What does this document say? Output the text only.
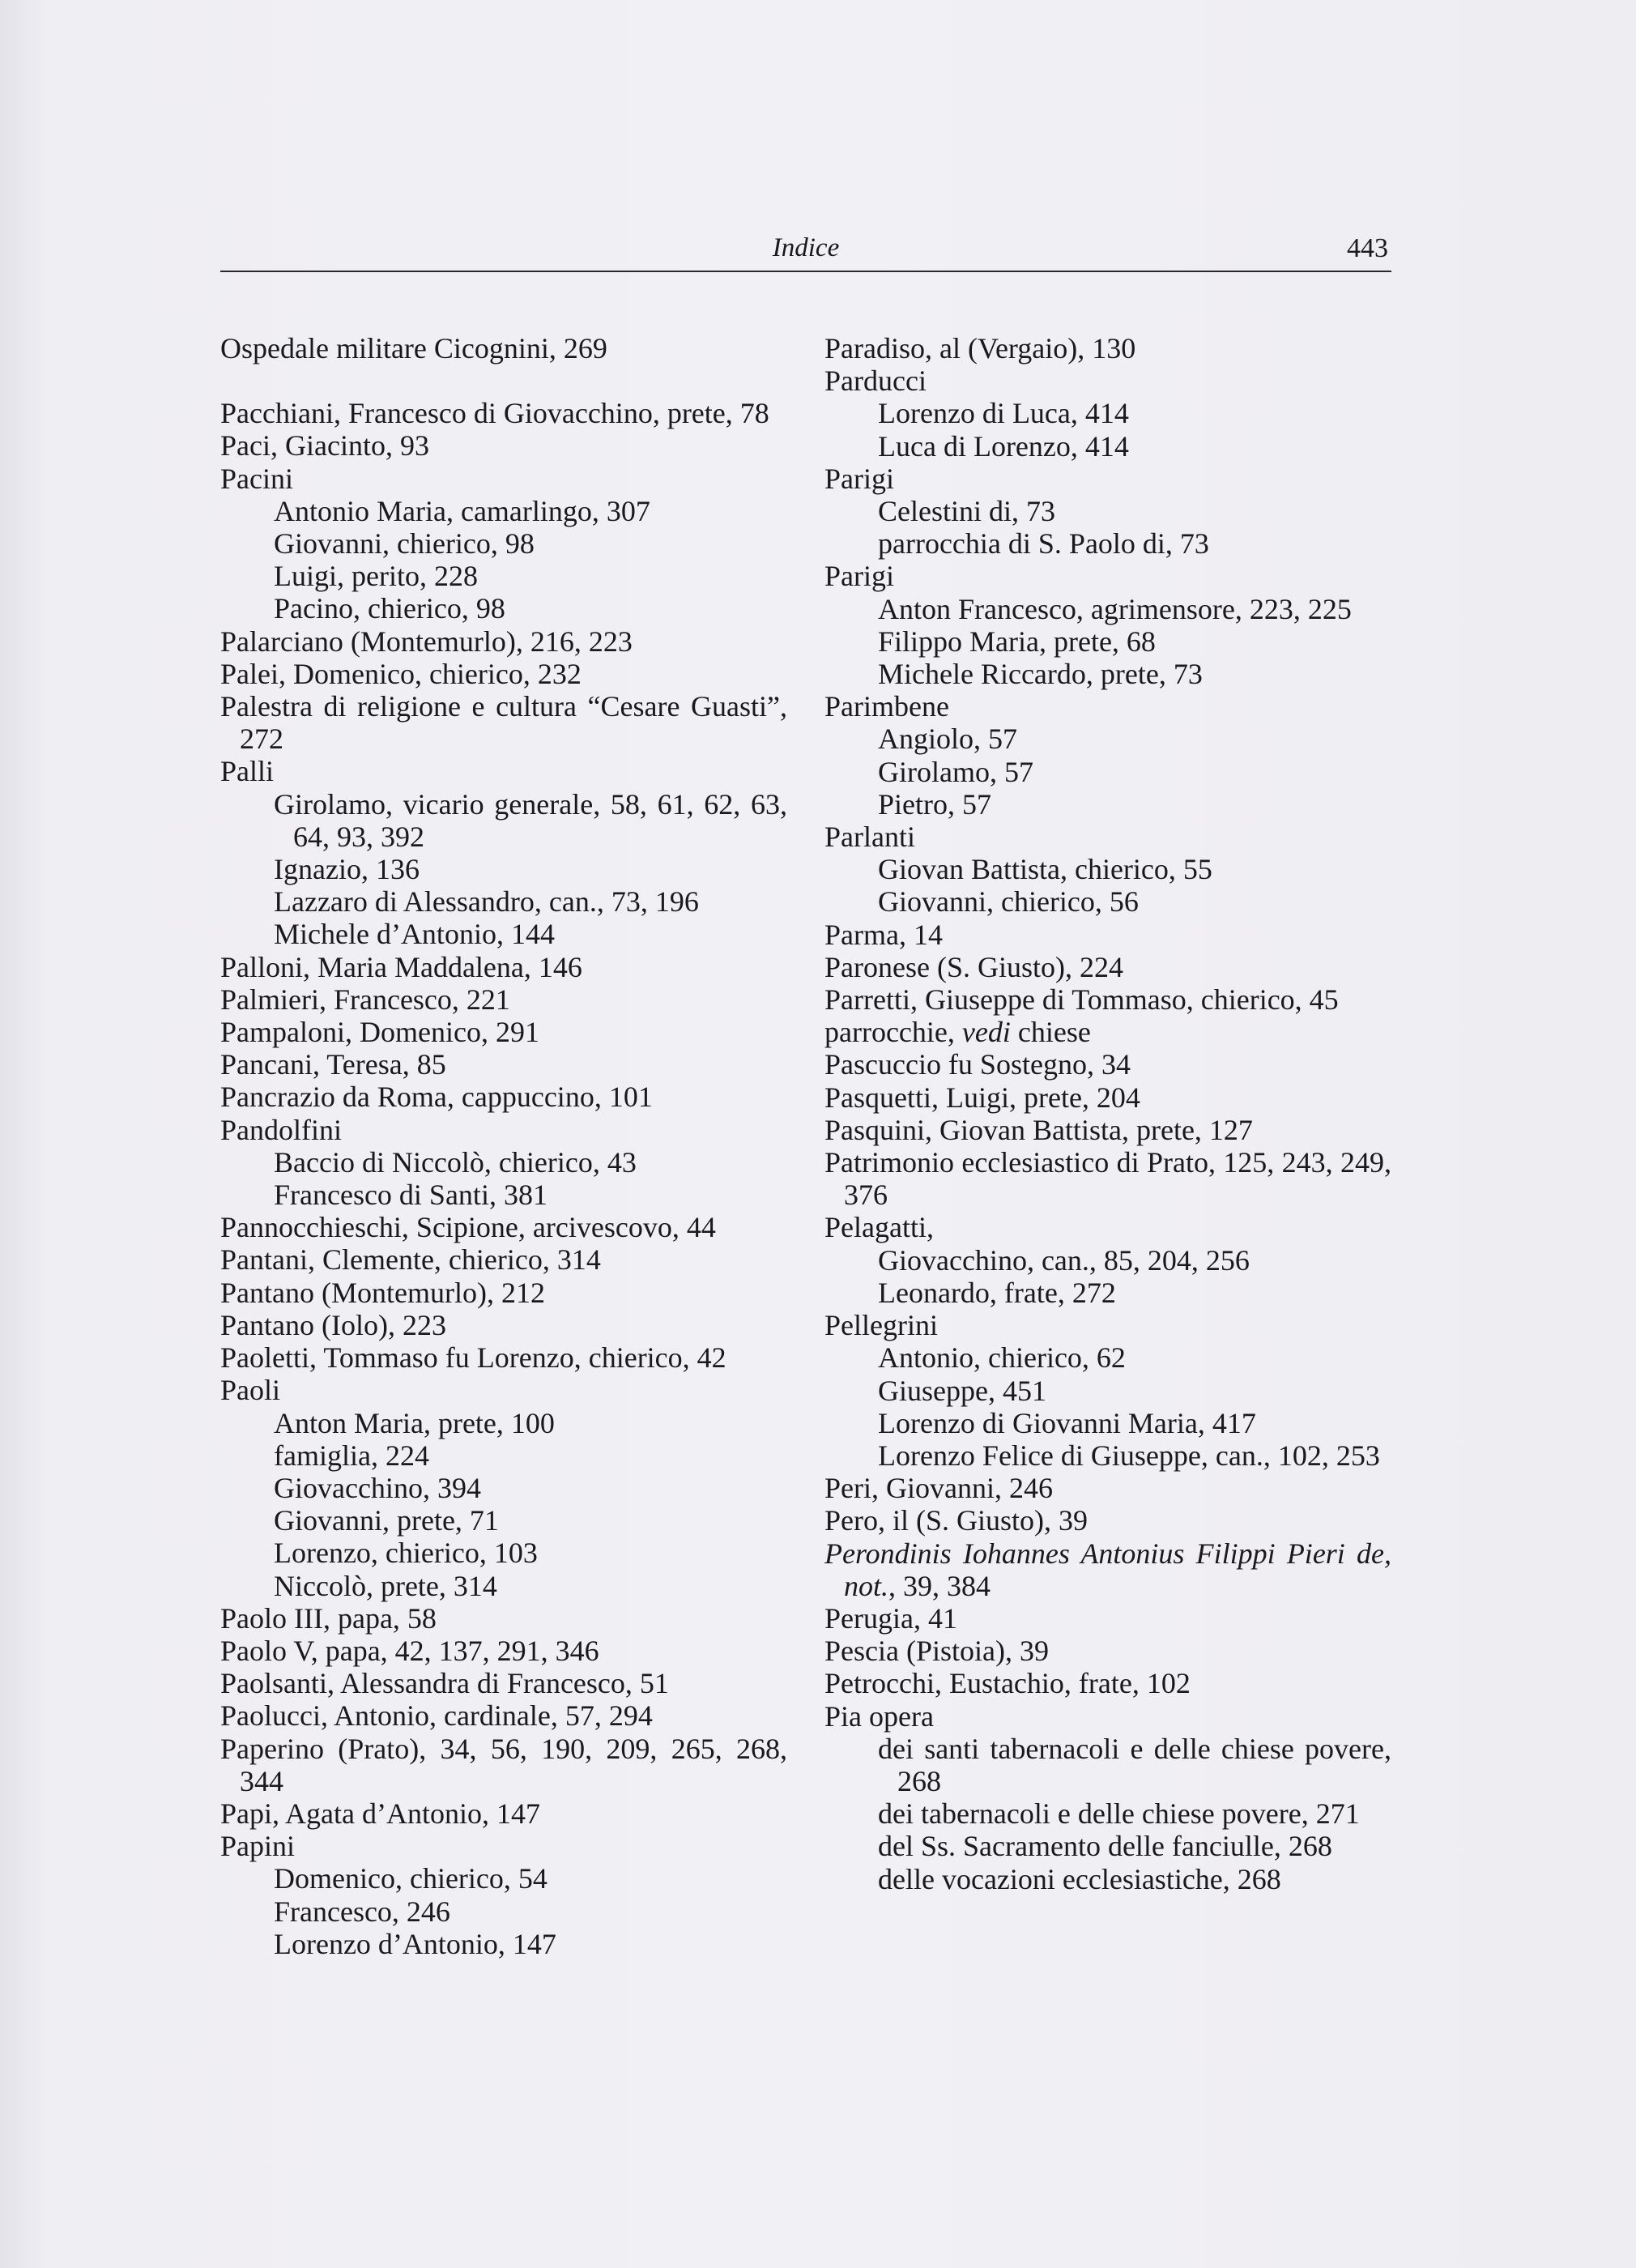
Indice	443
Ospedale militare Cicognini, 269
Pacchiani, Francesco di Giovacchino, prete, 78
Paci, Giacinto, 93
Pacini
Antonio Maria, camarlingo, 307
Giovanni, chierico, 98
Luigi, perito, 228
Pacino, chierico, 98
Palarciano (Montemurlo), 216, 223
Palei, Domenico, chierico, 232
Palestra di religione e cultura “Cesare Guasti”, 272
Palli
Girolamo, vicario generale, 58, 61, 62, 63, 64, 93, 392
Ignazio, 136
Lazzaro di Alessandro, can., 73, 196
Michele d’Antonio, 144
Palloni, Maria Maddalena, 146
Palmieri, Francesco, 221
Pampaloni, Domenico, 291
Pancani, Teresa, 85
Pancrazio da Roma, cappuccino, 101
Pandolfini
Baccio di Niccolò, chierico, 43
Francesco di Santi, 381
Pannocchieschi, Scipione, arcivescovo, 44
Pantani, Clemente, chierico, 314
Pantano (Montemurlo), 212
Pantano (Iolo), 223
Paoletti, Tommaso fu Lorenzo, chierico, 42
Paoli
Anton Maria, prete, 100
famiglia, 224
Giovacchino, 394
Giovanni, prete, 71
Lorenzo, chierico, 103
Niccolò, prete, 314
Paolo III, papa, 58
Paolo V, papa, 42, 137, 291, 346
Paolsanti, Alessandra di Francesco, 51
Paolucci, Antonio, cardinale, 57, 294
Paperino (Prato), 34, 56, 190, 209, 265, 268, 344
Papi, Agata d’Antonio, 147
Papini
Domenico, chierico, 54
Francesco, 246
Lorenzo d’Antonio, 147
Paradiso, al (Vergaio), 130
Parducci
Lorenzo di Luca, 414
Luca di Lorenzo, 414
Parigi
Celestini di, 73
parrocchia di S. Paolo di, 73
Parigi
Anton Francesco, agrimensore, 223, 225
Filippo Maria, prete, 68
Michele Riccardo, prete, 73
Parimbene
Angiolo, 57
Girolamo, 57
Pietro, 57
Parlanti
Giovan Battista, chierico, 55
Giovanni, chierico, 56
Parma, 14
Paronese (S. Giusto), 224
Parretti, Giuseppe di Tommaso, chierico, 45
parrocchie, vedi chiese
Pascuccio fu Sostegno, 34
Pasquetti, Luigi, prete, 204
Pasquini, Giovan Battista, prete, 127
Patrimonio ecclesiastico di Prato, 125, 243, 249, 376
Pelagatti,
Giovacchino, can., 85, 204, 256
Leonardo, frate, 272
Pellegrini
Antonio, chierico, 62
Giuseppe, 451
Lorenzo di Giovanni Maria, 417
Lorenzo Felice di Giuseppe, can., 102, 253
Peri, Giovanni, 246
Pero, il (S. Giusto), 39
Perondinis Iohannes Antonius Filippi Pieri de, not., 39, 384
Perugia, 41
Pescia (Pistoia), 39
Petrocchi, Eustachio, frate, 102
Pia opera
dei santi tabernacoli e delle chiese povere, 268
dei tabernacoli e delle chiese povere, 271
del Ss. Sacramento delle fanciulle, 268
delle vocazioni ecclesiastiche, 268
